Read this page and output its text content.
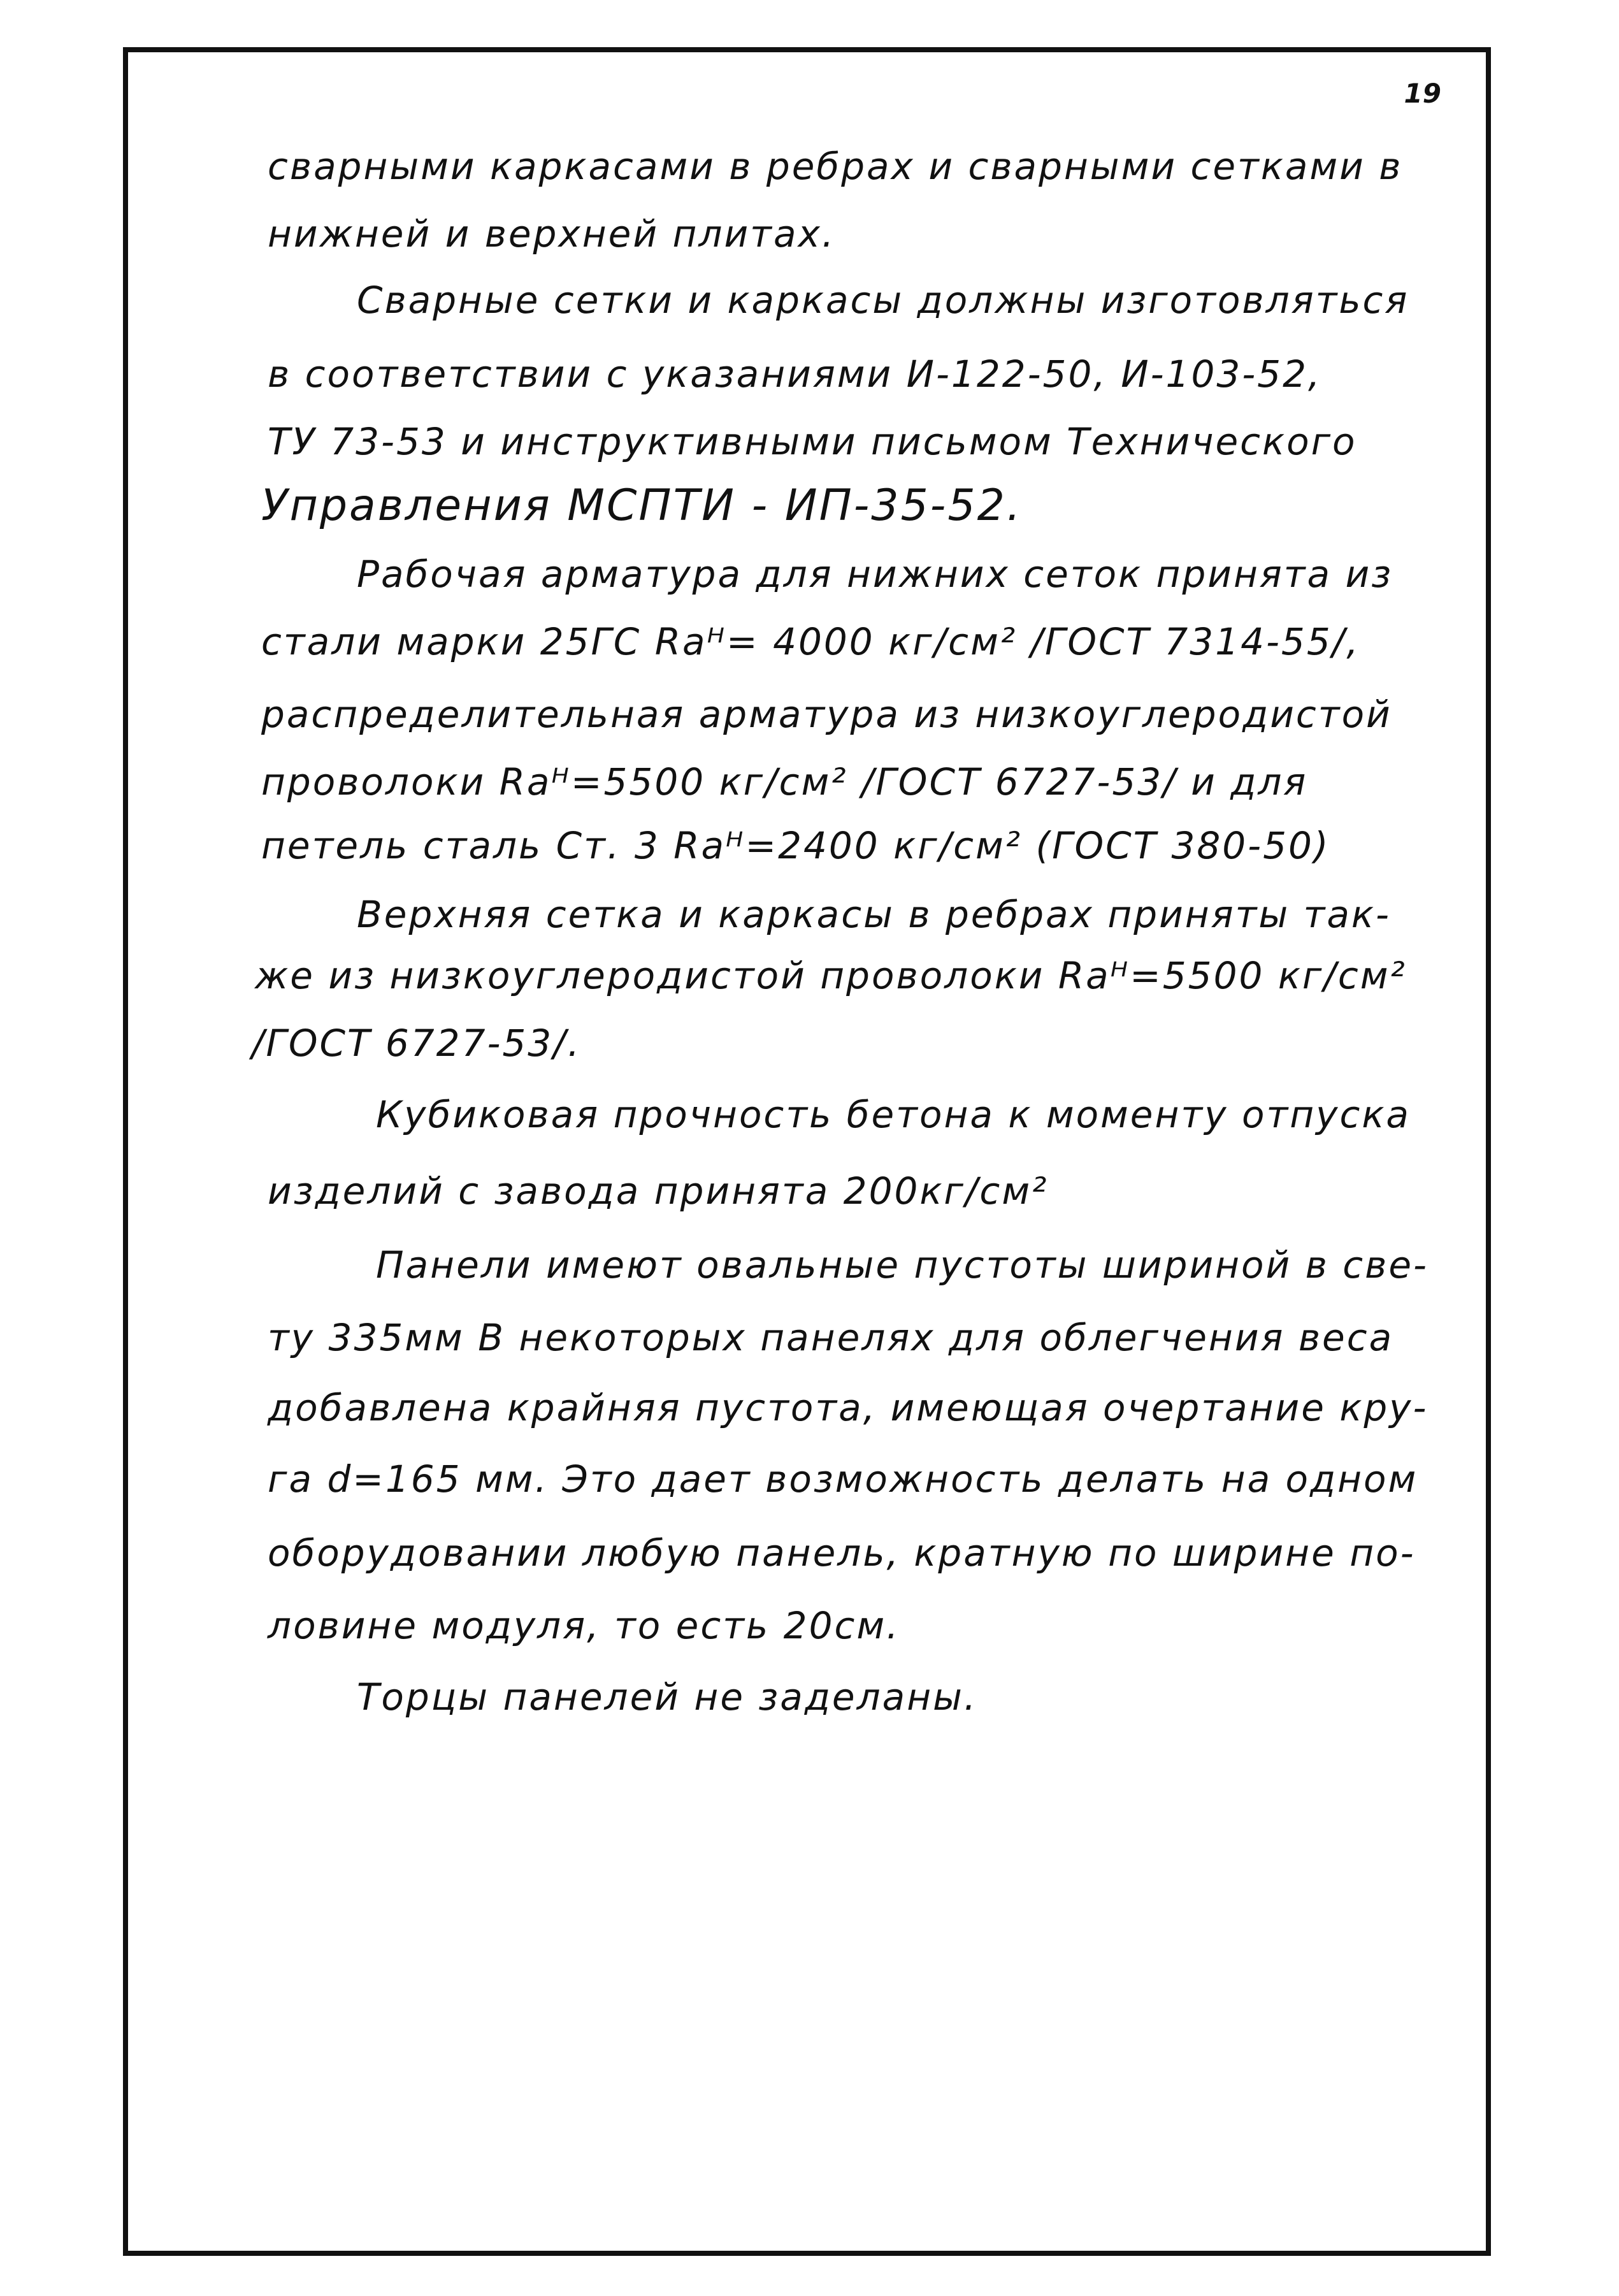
19
сварными каркасами в ребрах и сварными сетками в
нижней и верхней плитах.
Сварные сетки и каркасы должны изготовляться
в соответствии с указаниями И-122-50, И-103-52,
ТУ 73-53 и инструктивными письмом Технического
Управления МСПТИ - ИП-35-52.
Рабочая арматура для нижних сеток принята из
стали марки 25ГС Rаᴴ= 4000 кг/см² /ГОСТ 7314-55/,
распределительная арматура из низкоуглеродистой
проволоки Rаᴴ=5500 кг/см² /ГОСТ 6727-53/ и для
петель сталь Ст. 3 Rаᴴ=2400 кг/см² (ГОСТ 380-50)
Верхняя сетка и каркасы в ребрах приняты так-
же из низкоуглеродистой проволоки Rаᴴ=5500 кг/см²
/ГОСТ 6727-53/.
Кубиковая прочность бетона к моменту отпуска
изделий с завода принята 200кг/см²
Панели имеют овальные пустоты шириной в све-
ту 335мм В некоторых панелях для облегчения веса
добавлена крайняя пустота, имеющая очертание кру-
га d=165 мм. Это дает возможность делать на одном
оборудовании любую панель, кратную по ширине по-
ловине модуля, то есть 20см.
Торцы панелей не заделаны.
